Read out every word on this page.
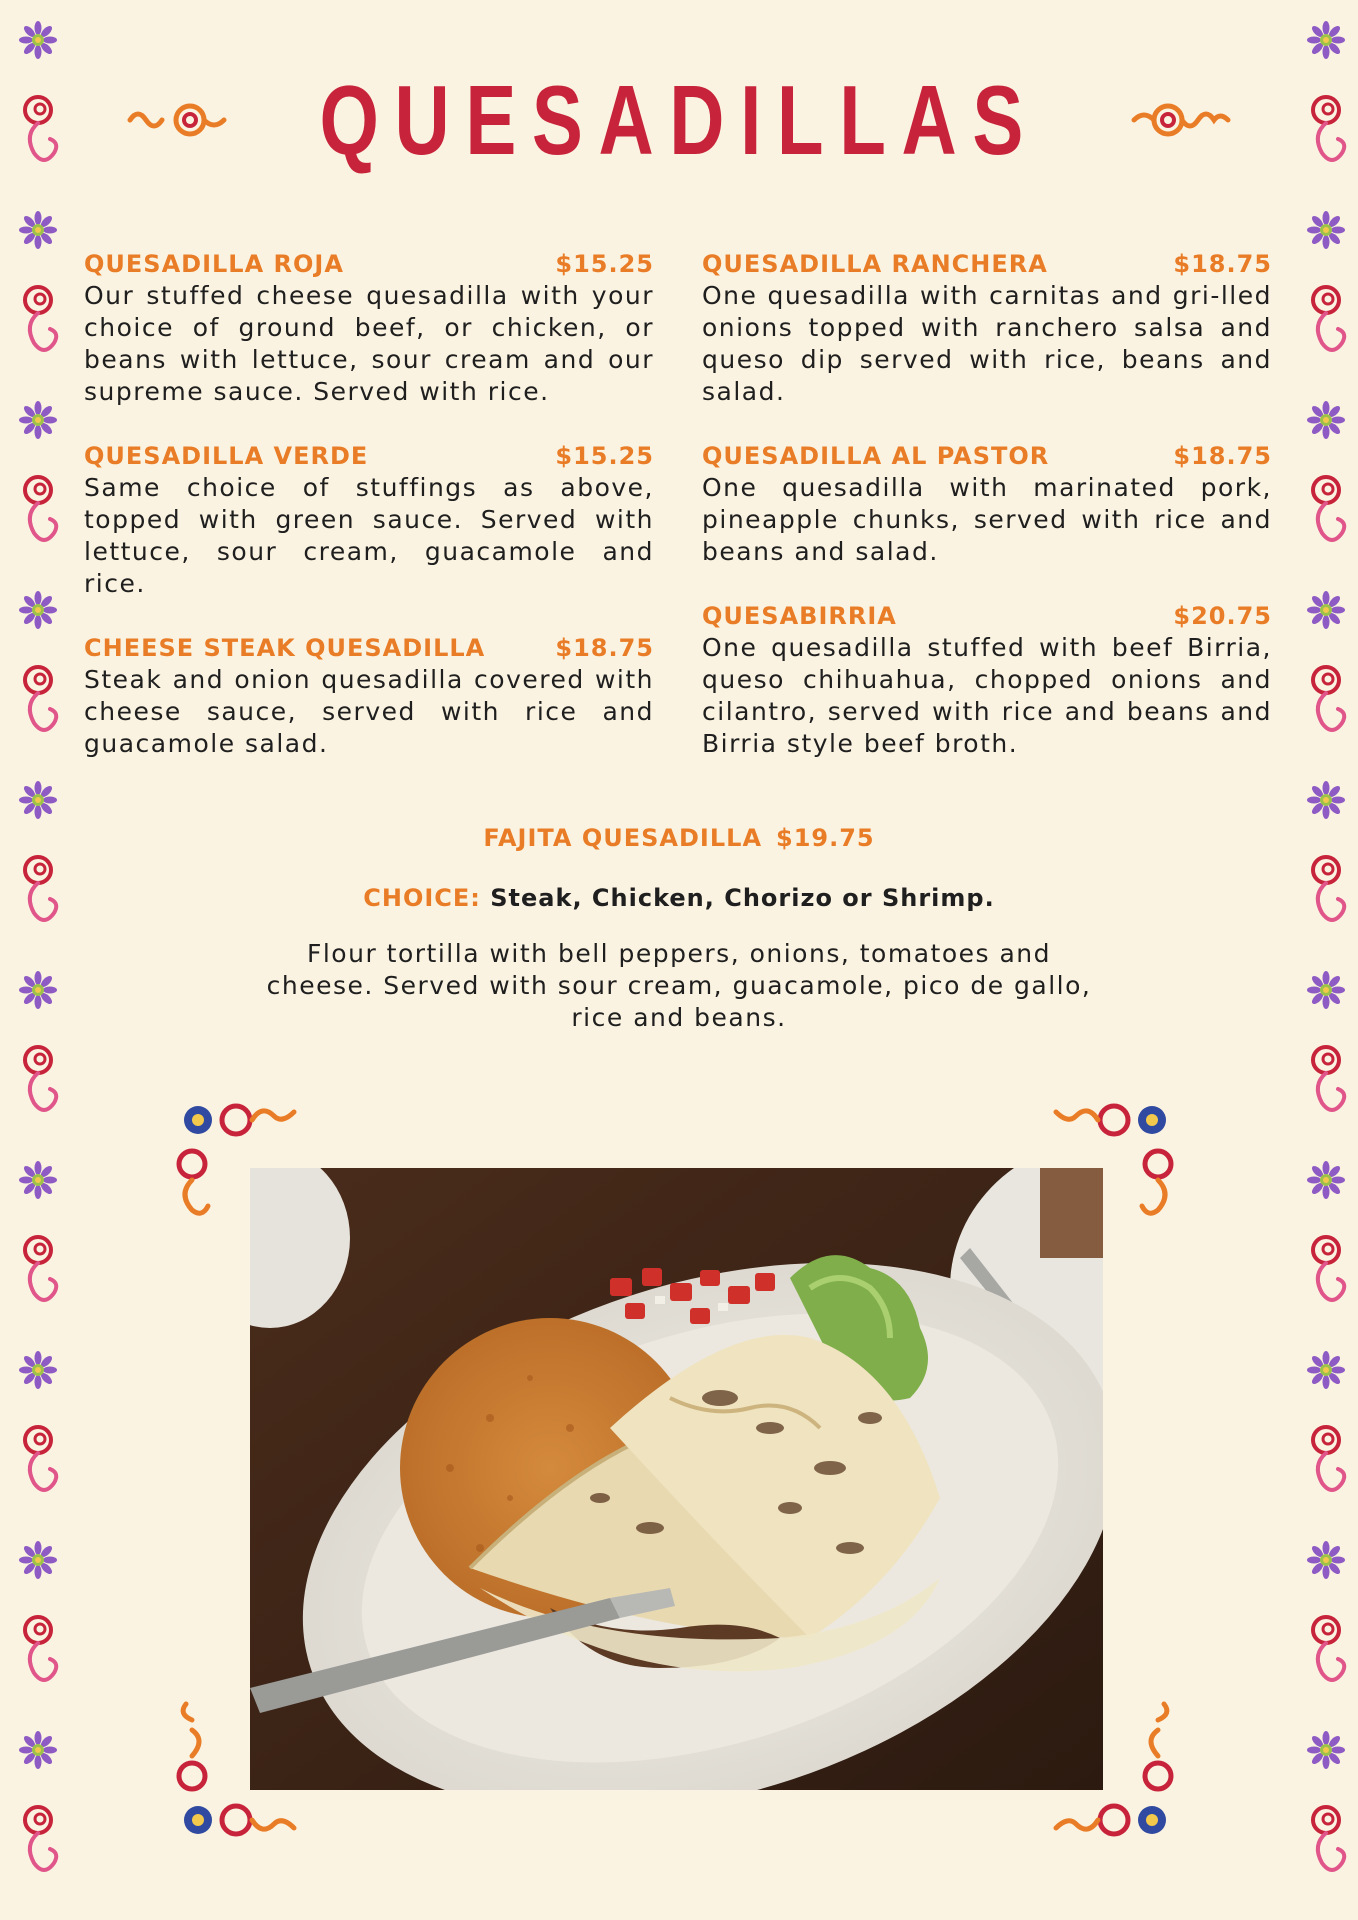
QUESADILLAS
QUESADILLA ROJA	$15.25

Our stuffed cheese quesadilla with your choice of ground beef, or chicken, or beans with lettuce, sour cream and our supreme sauce. Served with rice.

QUESADILLA VERDE	$15.25

Same choice of stuffings as above, topped with green sauce. Served with lettuce, sour cream, guacamole and rice.

CHEESE STEAK QUESADILLA	$18.75

Steak and onion quesadilla covered with cheese sauce, served with rice and guacamole salad.

QUESADILLA RANCHERA	$18.75

One quesadilla with carnitas and gri-lled onions topped with ranchero salsa and queso dip served with rice, beans and salad.

QUESADILLA AL PASTOR	$18.75

One quesadilla with marinated pork, pineapple chunks, served with rice and beans and salad.

QUESABIRRIA	$20.75

One quesadilla stuffed with beef Birria, queso chihuahua, chopped onions and cilantro, served with rice and beans and Birria style beef broth.

FAJITA QUESADILLA $19.75
CHOICE: Steak, Chicken, Chorizo or Shrimp.
Flour tortilla with bell peppers, onions, tomatoes and cheese. Served with sour cream, guacamole, pico de gallo, rice and beans.
